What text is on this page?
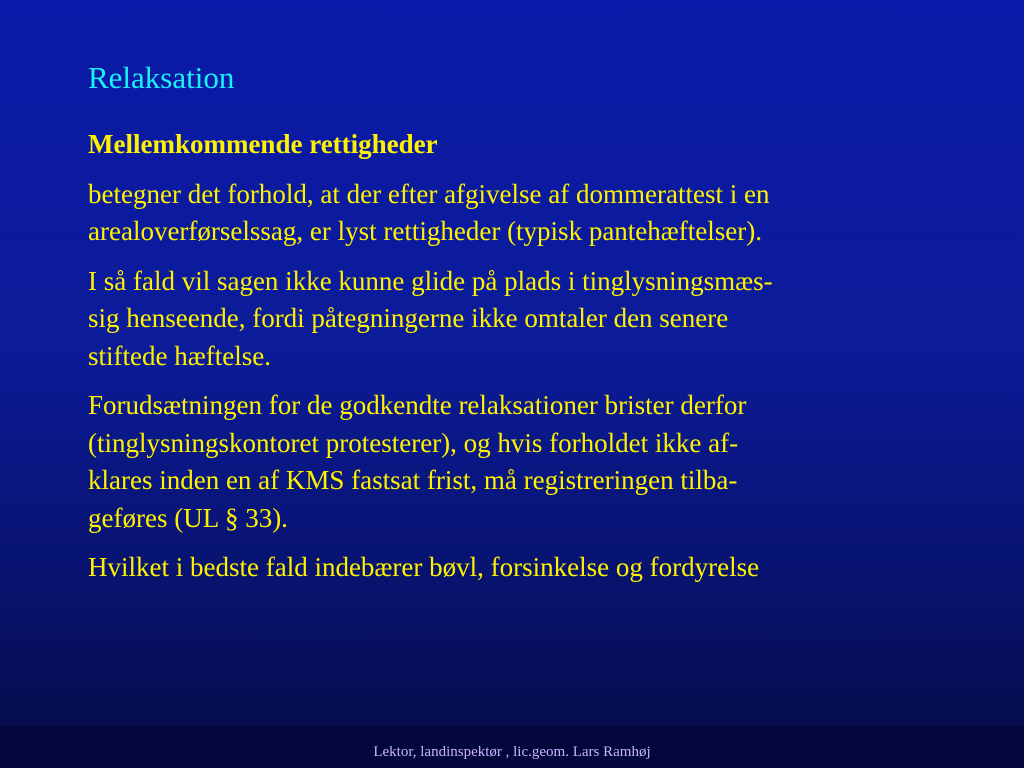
Relaksation
Mellemkommende rettigheder
betegner det forhold, at der efter afgivelse af dommerattest i en
arealoverførselssag, er lyst rettigheder (typisk pantehæftelser).
I så fald vil sagen ikke kunne glide på plads i tinglysningsmæs-
sig henseende, fordi påtegningerne ikke omtaler den senere
stiftede hæftelse.
Forudsætningen for de godkendte relaksationer brister derfor
(tinglysningskontoret protesterer), og hvis forholdet ikke af-
klares inden en af KMS fastsat frist, må registreringen tilba-
geføres (UL § 33).
Hvilket i bedste fald indebærer bøvl, forsinkelse og fordyrelse
Lektor, landinspektør , lic.geom. Lars Ramhøj
